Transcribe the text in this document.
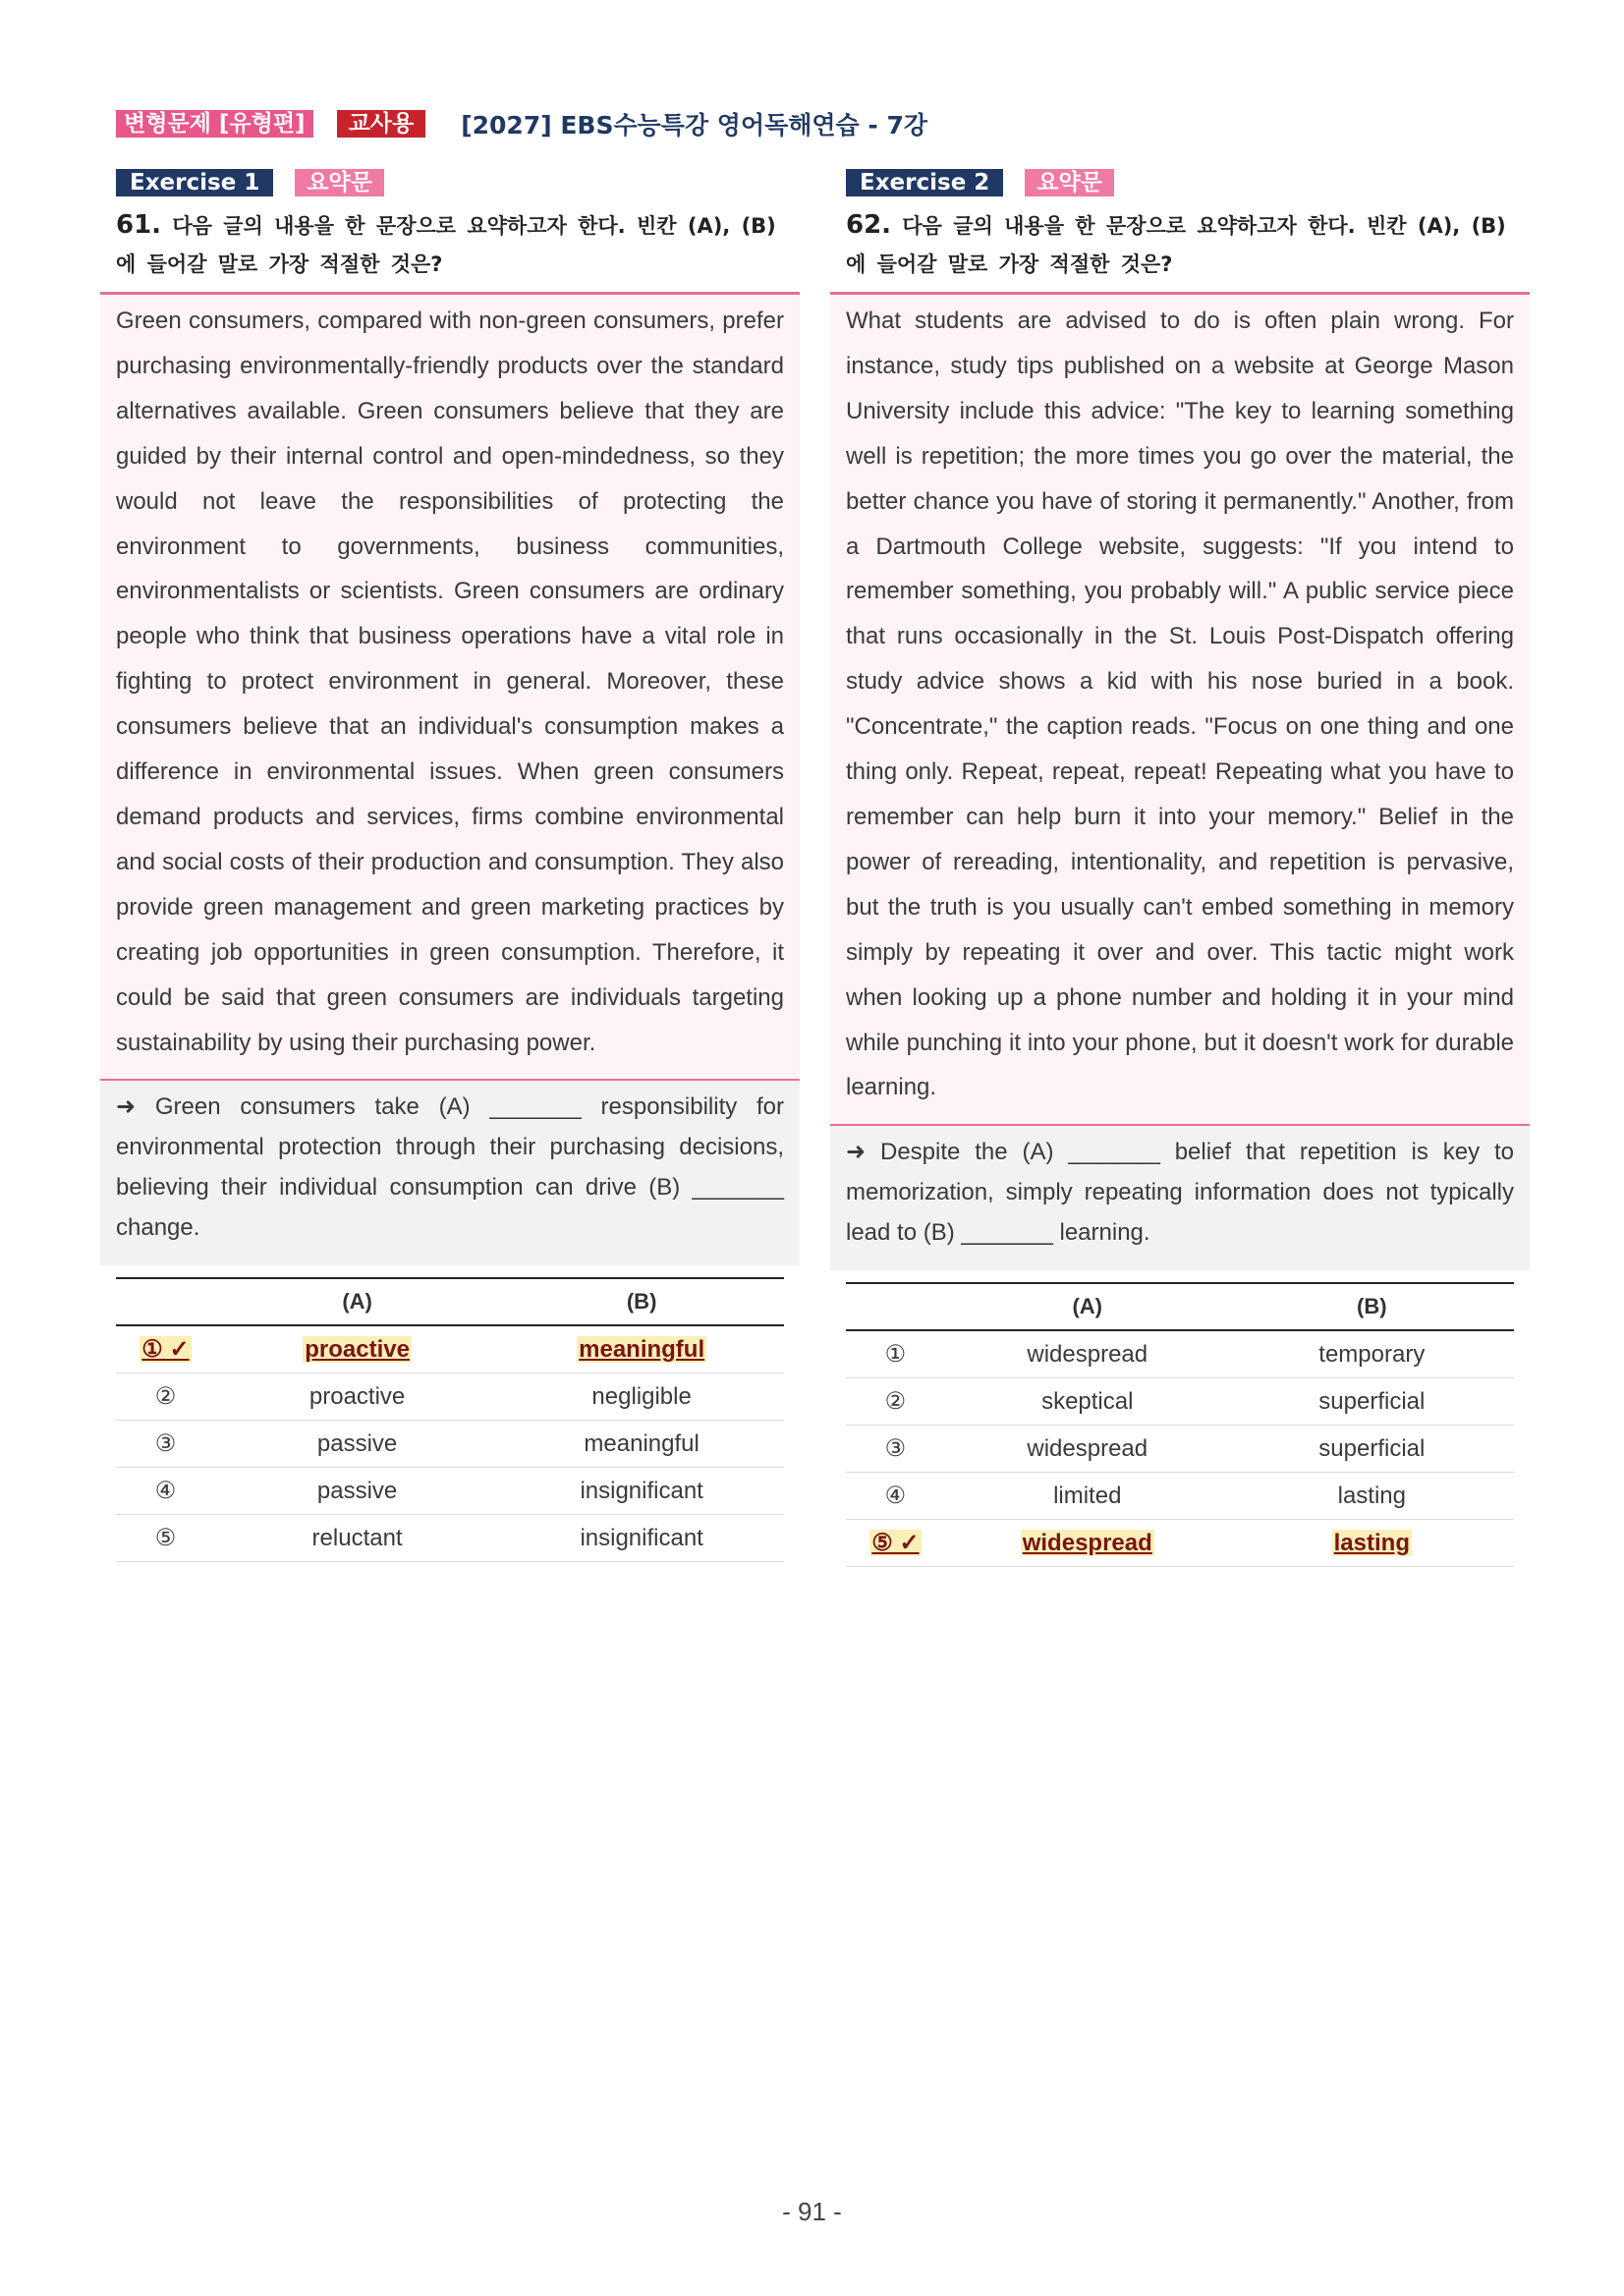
변형문제 [유형편]	교사용	[2027] EBS수능특강 영어독해연습 - 7강
Exercise 1	요약문
61. 다음 글의 내용을 한 문장으로 요약하고자 한다. 빈칸 (A), (B)에 들어갈 말로 가장 적절한 것은?
Green consumers, compared with non-green consumers, prefer purchasing environmentally-friendly products over the standard alternatives available. Green consumers believe that they are guided by their internal control and open-mindedness, so they would not leave the responsibilities of protecting the environment to governments, business communities, environmentalists or scientists. Green consumers are ordinary people who think that business operations have a vital role in fighting to protect environment in general. Moreover, these consumers believe that an individual's consumption makes a difference in environmental issues. When green consumers demand products and services, firms combine environmental and social costs of their production and consumption. They also provide green management and green marketing practices by creating job opportunities in green consumption. Therefore, it could be said that green consumers are individuals targeting sustainability by using their purchasing power.
➜ Green consumers take (A) _______ responsibility for environmental protection through their purchasing decisions, believing their individual consumption can drive (B) _______ change.
	(A)	(B)
① ✓	proactive	meaningful
②	proactive	negligible
③	passive	meaningful
④	passive	insignificant
⑤	reluctant	insignificant
Exercise 2	요약문
62. 다음 글의 내용을 한 문장으로 요약하고자 한다. 빈칸 (A), (B)에 들어갈 말로 가장 적절한 것은?
What students are advised to do is often plain wrong. For instance, study tips published on a website at George Mason University include this advice: "The key to learning something well is repetition; the more times you go over the material, the better chance you have of storing it permanently." Another, from a Dartmouth College website, suggests: "If you intend to remember something, you probably will." A public service piece that runs occasionally in the St. Louis Post-Dispatch offering study advice shows a kid with his nose buried in a book. "Concentrate," the caption reads. "Focus on one thing and one thing only. Repeat, repeat, repeat! Repeating what you have to remember can help burn it into your memory." Belief in the power of rereading, intentionality, and repetition is pervasive, but the truth is you usually can't embed something in memory simply by repeating it over and over. This tactic might work when looking up a phone number and holding it in your mind while punching it into your phone, but it doesn't work for durable learning.
➜ Despite the (A) _______ belief that repetition is key to memorization, simply repeating information does not typically lead to (B) _______ learning.
	(A)	(B)
①	widespread	temporary
②	skeptical	superficial
③	widespread	superficial
④	limited	lasting
⑤ ✓	widespread	lasting
- 91 -
